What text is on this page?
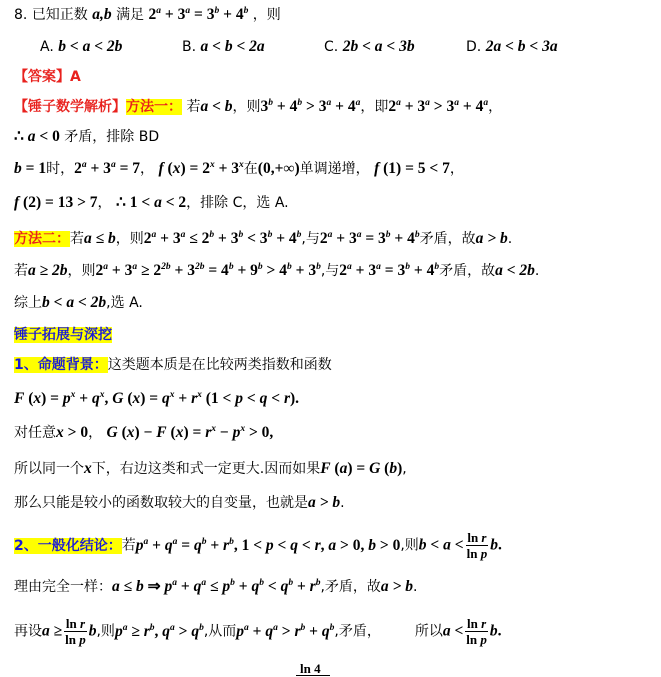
8. 已知正数 a,b 满足 $2^a + 3^a = 3^b + 4^b$ ，则
A. b < a < 2b	B. a < b < 2a	C. 2b < a < 3b	D. 2a < b < 3a
【答案】A
【锤子数学解析】方法一： 若a < b，则$3^b + 4^b > 3^a + 4^a$，即$2^a + 3^a > 3^a + 4^a$，
∴ a < 0 矛盾，排除 BD
b = 1时，$2^a + 3^a = 7$， f $(x) = 2^x + 3^x$在(0,+∞)单调递增， f (1) = 5 < 7，
f (2) = 13 > 7， ∴ 1 < a < 2，排除 C，选 A.
方法二：若a ≤ b，则$2^a + 3^a \le 2^b + 3^b < 3^b + 4^b$,与$2^a + 3^a = 3^b + 4^b$矛盾，故a > b.
若a ≥ 2b，则$2^a + 3^a \ge 2^{2b} + 3^{2b} = 4^b + 9^b > 4^b + 3^b$,与$2^a + 3^a = 3^b + 4^b$矛盾，故a < 2b.
综上b < a < 2b,选 A.
锤子拓展与深挖
1、命题背景：这类题本质是在比较两类指数和函数
F $(x) = p^x + q^x$, G $(x) = q^x + r^x$ (1 < p < q < r).
对任意x > 0， G (x) − F $(x) = r^x - p^x > 0$,
所以同一个x下，右边这类和式一定更大.因而如果F (a) = G (b),
那么只能是较小的函数取较大的自变量，也就是a > b.
2、一般化结论：若$p^a + q^a = q^b + r^b$, 1 < p < q < r, a > 0, b > 0,则$b < a < \frac{\text{ln r}}{\text{ln p}} b$.
理由完全一样：a ≤ b ⇒ $p^a + q^a \le p^b + q^b < q^b + r^b$,矛盾，故a > b.
再设$a \ge \frac{\text{ln r}}{\text{ln p}} b$,则$p^a \ge r^b$, $q^a > q^b$,从而$p^a + q^a > r^b + q^b$,矛盾， 所以$a < \frac{\text{ln r}}{\text{ln p}} b$.
ln 4
